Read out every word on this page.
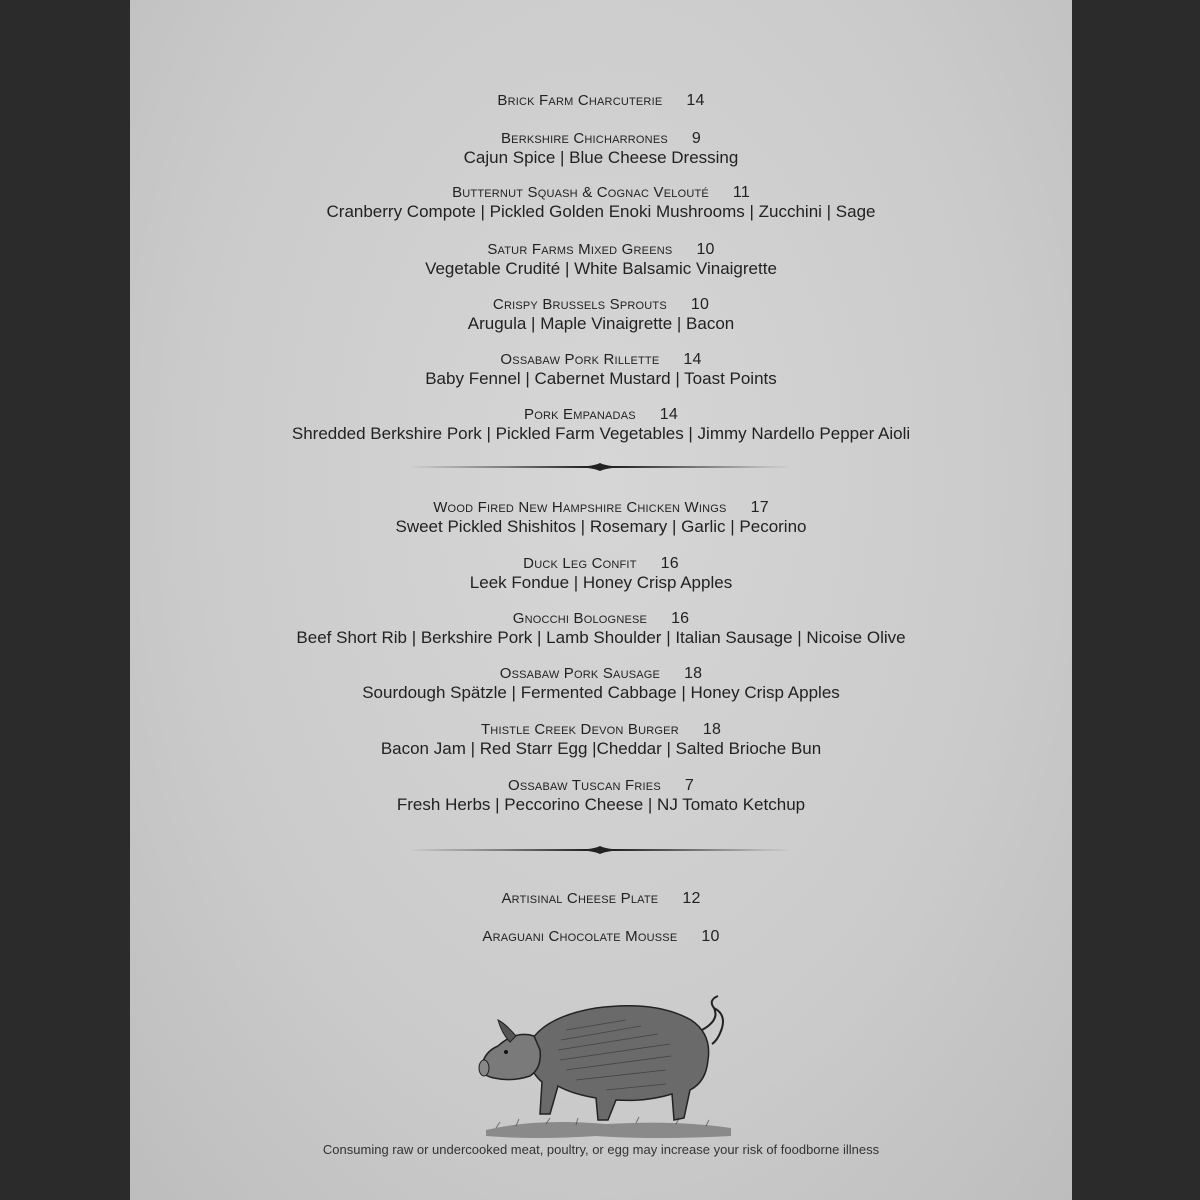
Brick Farm Charcuterie 14
Berkshire Chicharrones 9
Cajun Spice | Blue Cheese Dressing
Butternut Squash & Cognac Velouté 11
Cranberry Compote | Pickled Golden Enoki Mushrooms | Zucchini | Sage
Satur Farms Mixed Greens 10
Vegetable Crudité | White Balsamic Vinaigrette
Crispy Brussels Sprouts 10
Arugula | Maple Vinaigrette | Bacon
Ossabaw Pork Rillette 14
Baby Fennel | Cabernet Mustard | Toast Points
Pork Empanadas 14
Shredded Berkshire Pork | Pickled Farm Vegetables | Jimmy Nardello Pepper Aioli
Wood Fired New Hampshire Chicken Wings 17
Sweet Pickled Shishitos | Rosemary | Garlic | Pecorino
Duck Leg Confit 16
Leek Fondue | Honey Crisp Apples
Gnocchi Bolognese 16
Beef Short Rib | Berkshire Pork | Lamb Shoulder | Italian Sausage | Nicoise Olive
Ossabaw Pork Sausage 18
Sourdough Spätzle | Fermented Cabbage | Honey Crisp Apples
Thistle Creek Devon Burger 18
Bacon Jam | Red Starr Egg |Cheddar | Salted Brioche Bun
Ossabaw Tuscan Fries 7
Fresh Herbs | Peccorino Cheese | NJ Tomato Ketchup
Artisinal Cheese Plate 12
Araguani Chocolate Mousse 10
Consuming raw or undercooked meat, poultry, or egg may increase your risk of foodborne illness
